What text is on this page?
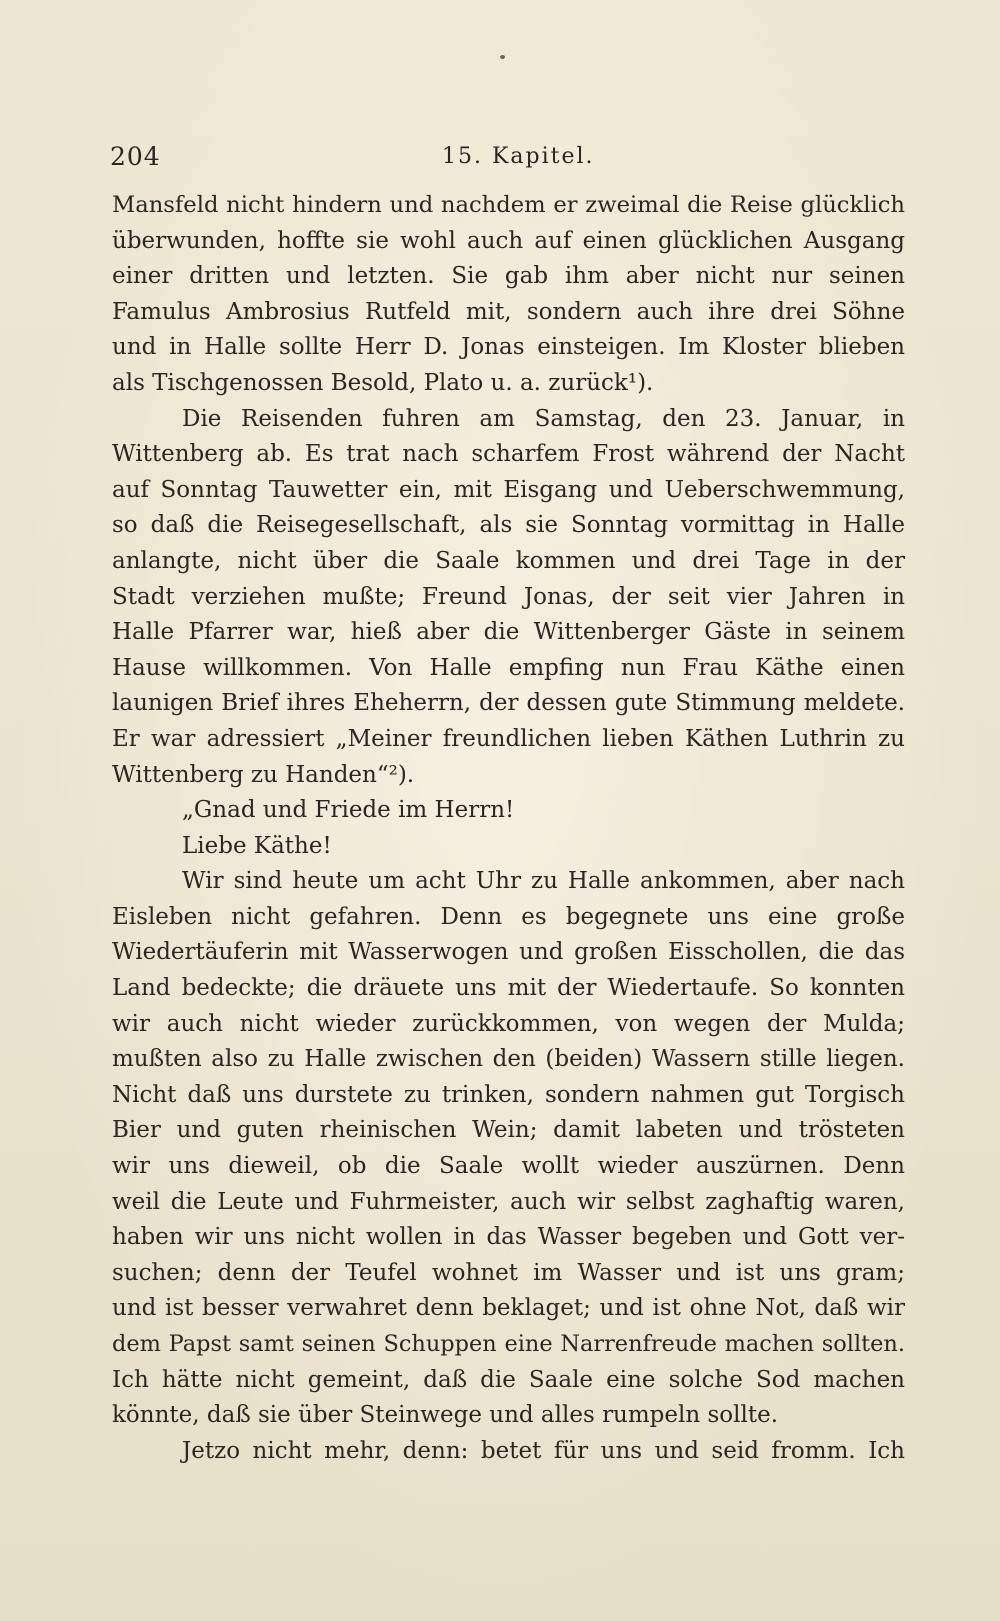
204	15. Kapitel.
Mansfeld nicht hindern und nachdem er zweimal die Reise glücklich
überwunden, hoffte sie wohl auch auf einen glücklichen Ausgang
einer dritten und letzten. Sie gab ihm aber nicht nur seinen
Famulus Ambrosius Rutfeld mit, sondern auch ihre drei Söhne
und in Halle sollte Herr D. Jonas einsteigen. Im Kloster blieben
als Tischgenossen Besold, Plato u. a. zurück¹).
Die Reisenden fuhren am Samstag, den 23. Januar, in
Wittenberg ab. Es trat nach scharfem Frost während der Nacht
auf Sonntag Tauwetter ein, mit Eisgang und Ueberschwemmung,
so daß die Reisegesellschaft, als sie Sonntag vormittag in Halle
anlangte, nicht über die Saale kommen und drei Tage in der
Stadt verziehen mußte; Freund Jonas, der seit vier Jahren in
Halle Pfarrer war, hieß aber die Wittenberger Gäste in seinem
Hause willkommen. Von Halle empfing nun Frau Käthe einen
launigen Brief ihres Eheherrn, der dessen gute Stimmung meldete.
Er war adressiert „Meiner freundlichen lieben Käthen Luthrin zu
Wittenberg zu Handen“²).
„Gnad und Friede im Herrn!
Liebe Käthe!
Wir sind heute um acht Uhr zu Halle ankommen, aber nach
Eisleben nicht gefahren. Denn es begegnete uns eine große
Wiedertäuferin mit Wasserwogen und großen Eisschollen, die das
Land bedeckte; die dräuete uns mit der Wiedertaufe. So konnten
wir auch nicht wieder zurückkommen, von wegen der Mulda;
mußten also zu Halle zwischen den (beiden) Wassern stille liegen.
Nicht daß uns durstete zu trinken, sondern nahmen gut Torgisch
Bier und guten rheinischen Wein; damit labeten und trösteten
wir uns dieweil, ob die Saale wollt wieder auszürnen. Denn
weil die Leute und Fuhrmeister, auch wir selbst zaghaftig waren,
haben wir uns nicht wollen in das Wasser begeben und Gott ver-
suchen; denn der Teufel wohnet im Wasser und ist uns gram;
und ist besser verwahret denn beklaget; und ist ohne Not, daß wir
dem Papst samt seinen Schuppen eine Narrenfreude machen sollten.
Ich hätte nicht gemeint, daß die Saale eine solche Sod machen
könnte, daß sie über Steinwege und alles rumpeln sollte.
Jetzo nicht mehr, denn: betet für uns und seid fromm. Ich
